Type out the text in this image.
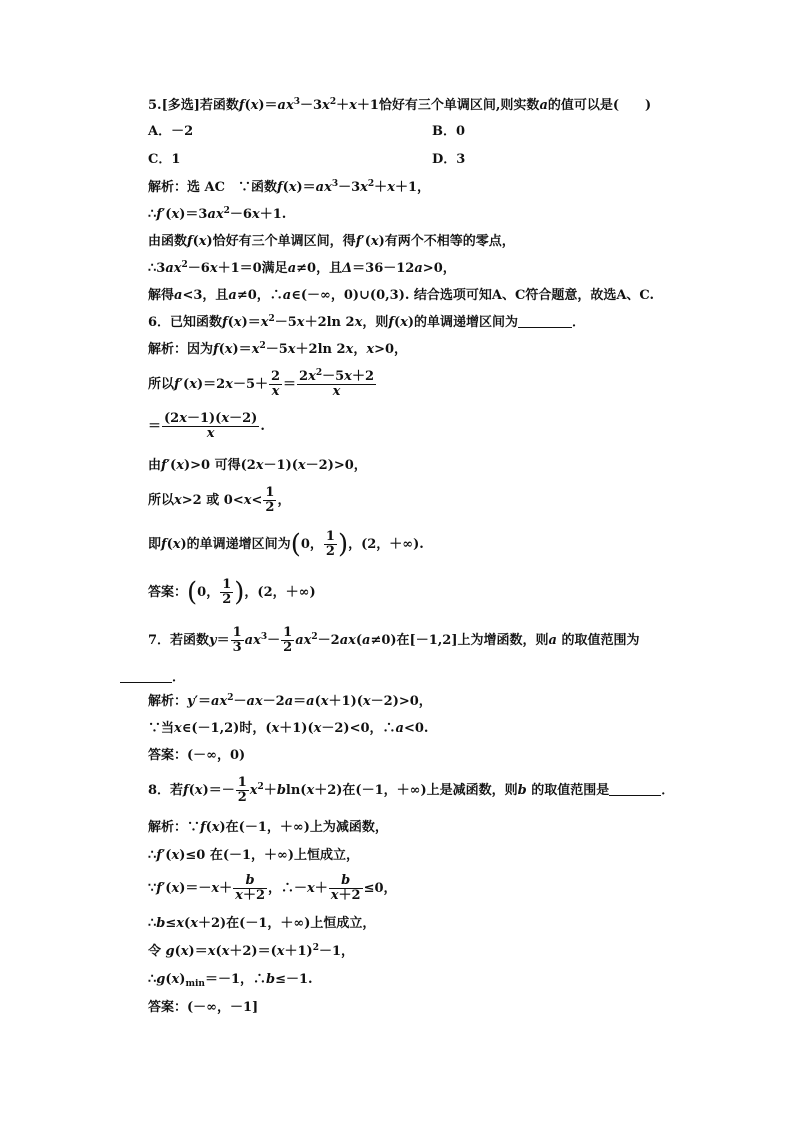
5.[多选]若函数$f(x)=ax^3-3x^2+x+1$恰好有三个单调区间,则实数a的值可以是(　　)
A．－2	B．0
C．1	D．3
解析：选 AC　∵函数$f(x)=ax^3-3x^2+x+1$，
$\therefore f'(x)=3ax^2-6x+1$.
由函数f(x)恰好有三个单调区间，得f′(x)有两个不相等的零点，
$\therefore 3ax^2-6x+1=0$满足a≠0，且Δ＝36－12a>0，
解得a<3，且a≠0，∴a∈(－∞，0)∪(0,3). 结合选项可知A、C符合题意，故选A、C.
6．已知函数$f(x)=x^2-5x+2\ln$ 2x，则f(x)的单调递增区间为	．
解析：因为$f(x)=x^2-5x+2\ln$ 2x，x>0，
所以$f'(x)=2x-5+ \frac{2}{x} = \frac{2x^2-5x+2}{x}$
＝ $\frac{(2x-1)(x-2)}{x}$ .
由f′(x)>0 可得(2x－1)(x－2)>0，
所以x>2 或 $0<x< \frac{1}{2}$ ，
即f(x)的单调递增区间为(0， $\frac{1}{2}$ )，(2，＋∞).
答案：(0， $\frac{1}{2}$ )，(2，＋∞)
7．若函数$y= \frac{1}{3} ax^3- \frac{1}{2} ax^2-2ax(a\ne 0)$在[－1,2]上为增函数，则a 的取值范围为
．
解析：$y'=ax^2-ax-2a=a(x+1)(x-2)>0$，
∵当x∈(－1,2)时，(x＋1)(x－2)<0，∴a<0.
答案：(－∞，0)
8．若$f(x)=- \frac{1}{2} x^2+bln(x+2)$在(－1，＋∞)上是减函数，则b 的取值范围是	．
解析：∵f(x)在(－1，＋∞)上为减函数，
∴f′(x)≤0 在(－1，＋∞)上恒成立，
∵f′(x)＝－x＋ $\frac{b}{x+2}$ ，∴－x＋ $\frac{b}{x+2} \le 0$，
∴b≤x(x＋2)在(－1，＋∞)上恒成立，
令 $g(x)=x(x+2)=(x+1)^2-1$，
$\therefore g(x)_{min}=-1$，∴b≤－1.
答案：(－∞，－1]
